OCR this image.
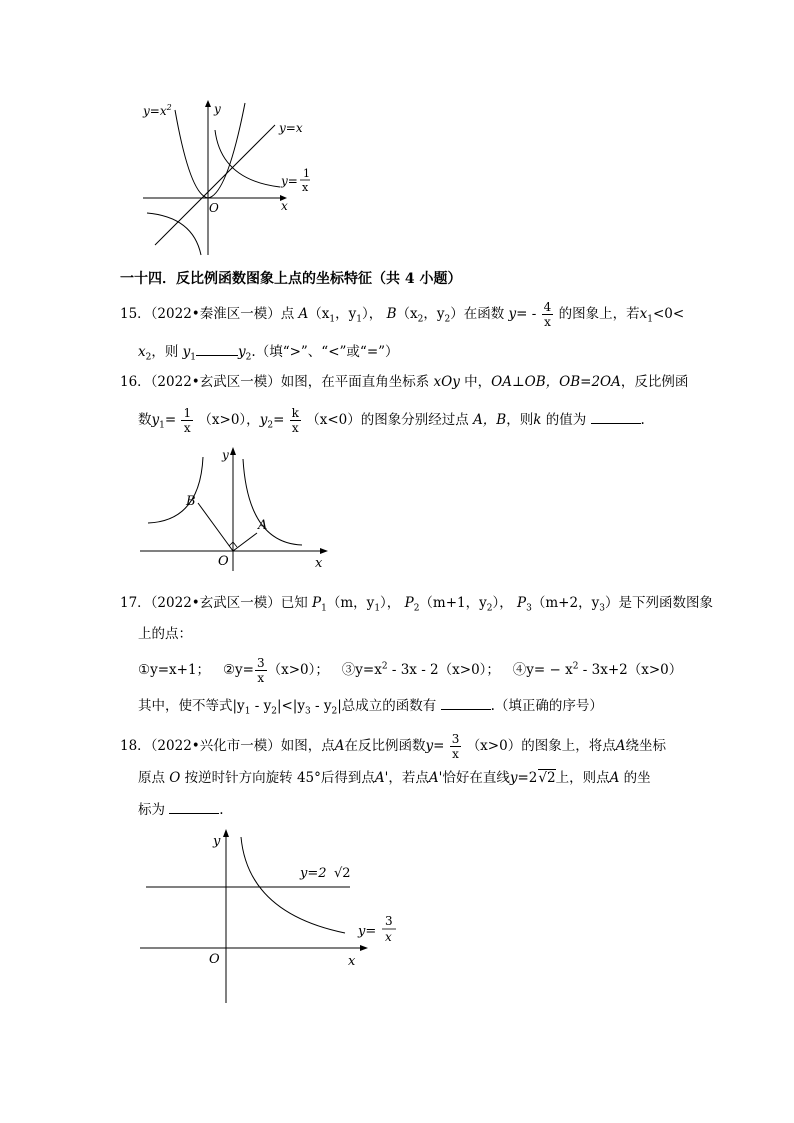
$y=x^2$	y
y=x
y=
1
x
O	x
一十四．反比例函数图象上点的坐标特征（共 4 小题）
15．（2022•秦淮区一模）点 $A(x_1$，$y_1$）， $B(x_2$，$y_2$）在函数 $y= - \frac{4}{x}$ 的图象上，若$x_1<0<$
$x_2$，则 $y_1$	$y_2$.（填“>”、“<”或“=”）
16．（2022•玄武区一模）如图，在平面直角坐标系 xOy 中，OA⊥OB，OB=2OA，反比例函
数$y_1= \frac{1}{x} (x>0)$，$y_2= \frac{k}{x} (x<0)$的图象分别经过点 A，B，则k 的值为	.
y
B
A
O	x
17．（2022•玄武区一模）已知 $P_1(m$，$y_1$）， $P_2(m+1$，$y_2$）， $P_3(m+2$，$y_3$）是下列函数图象
上的点：
①y=x+1； ②y= $\frac{3}{x} (x>0)$； $③y=x^2 - 3x - 2(x>0)$； ④y= − $x^2 - 3x+2(x>0)$
其中，使不等式$|y_1 - y_2|<|y_3 - y_2|$总成立的函数有	.（填正确的序号）
18．（2022•兴化市一模）如图，点A在反比例函数$y= \frac{3}{x} (x>0)$的图象上，将点A绕坐标
原点 O 按逆时针方向旋转 45°后得到点A'，若点A'恰好在直线y=2√2上，则点A 的坐
标为	.
y
y=2 √2
y=
3
x
O	x
